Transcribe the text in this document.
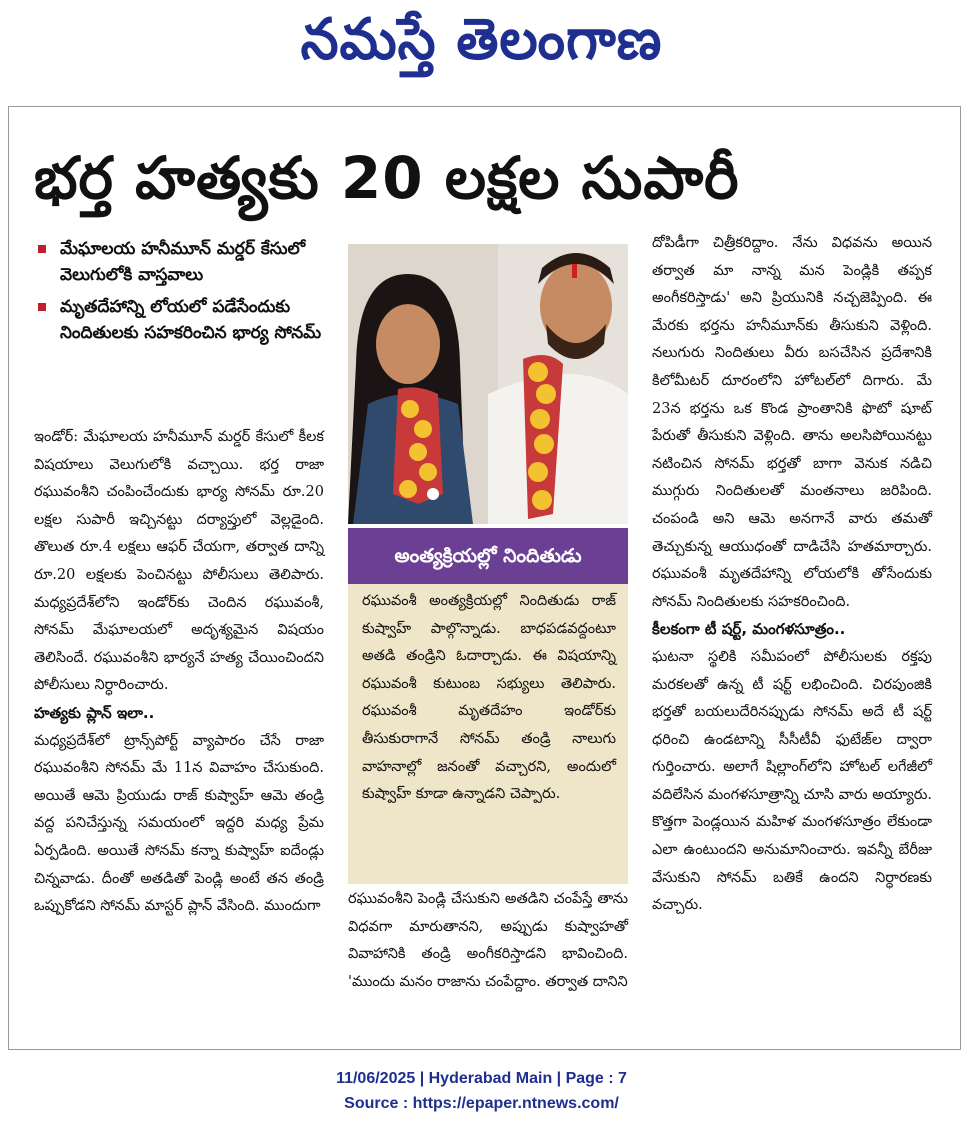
నమస్తే తెలంగాణ
భర్త హత్యకు 20 లక్షల సుపారీ
మేఘాలయ హనీమూన్ మర్డర్ కేసులో వెలుగులోకి వాస్తవాలు
మృతదేహాన్ని లోయలో పడేసేందుకు నిందితులకు సహకరించిన భార్య సోనమ్

ఇండోర్: మేఘాలయ హనీమూన్ మర్డర్ కేసులో కీలక విషయాలు వెలుగులోకి వచ్చాయి. భర్త రాజా రఘువంశీని చంపించేందుకు భార్య సోనమ్ రూ.20 లక్షల సుపారీ ఇచ్చినట్టు దర్యాప్తులో వెల్లడైంది. తొలుత రూ.4 లక్షలు ఆఫర్ చేయగా, తర్వాత దాన్ని రూ.20 లక్షలకు పెంచినట్టు పోలీసులు తెలిపారు. మధ్యప్రదేశ్‌లోని ఇండోర్‌కు చెందిన రఘువంశీ, సోనమ్ మేఘాలయలో అదృశ్యమైన విషయం తెలిసిందే. రఘువంశీని భార్యనే హత్య చేయించిందని పోలీసులు నిర్ధారించారు.

హత్యకు ప్లాన్ ఇలా..

మధ్యప్రదేశ్‌లో ట్రాన్స్‌పోర్ట్ వ్యాపారం చేసే రాజా రఘువంశీని సోనమ్ మే 11న వివాహం చేసుకుంది. అయితే ఆమె ప్రియుడు రాజ్ కుష్వాహ్ ఆమె తండ్రి వద్ద పనిచేస్తున్న సమయంలో ఇద్దరి మధ్య ప్రేమ ఏర్పడింది. అయితే సోనమ్ కన్నా కుష్వాహ్ ఐదేండ్లు చిన్నవాడు. దీంతో అతడితో పెండ్లి అంటే తన తండ్రి ఒప్పుకోడని సోనమ్ మాస్టర్ ప్లాన్ వేసింది. ముందుగా

అంత్యక్రియల్లో నిందితుడు

రఘువంశీ అంత్యక్రియల్లో నిందితుడు రాజ్ కుష్వాహ్ పాల్గొన్నాడు. బాధపడవద్దంటూ అతడి తండ్రిని ఓదార్చాడు. ఈ విషయాన్ని రఘువంశీ కుటుంబ సభ్యులు తెలిపారు. రఘువంశీ మృతదేహం ఇండోర్‌కు తీసుకురాగానే సోనమ్ తండ్రి నాలుగు వాహనాల్లో జనంతో వచ్చారని, అందులో కుష్వాహ్ కూడా ఉన్నాడని చెప్పారు.

రఘువంశీని పెండ్లి చేసుకుని అతడిని చంపేస్తే తాను విధవగా మారుతానని, అప్పుడు కుష్వాహతో వివాహానికి తండ్రి అంగీకరిస్తాడని భావించింది. 'ముందు మనం రాజాను చంపేద్దాం. తర్వాత దానిని

దోపిడీగా చిత్రీకరిద్దాం. నేను విధవను అయిన తర్వాత మా నాన్న మన పెండ్లికి తప్పక అంగీకరిస్తాడు' అని ప్రియునికి నచ్చజెప్పింది. ఈ మేరకు భర్తను హనీమూన్‌కు తీసుకుని వెళ్లింది. నలుగురు నిందితులు వీరు బసచేసిన ప్రదేశానికి కిలోమీటర్ దూరంలోని హోటల్‌లో దిగారు. మే 23న భర్తను ఒక కొండ ప్రాంతానికి ఫొటో షూట్ పేరుతో తీసుకుని వెళ్లింది. తాను అలసిపోయినట్టు నటించిన సోనమ్ భర్తతో బాగా వెనుక నడిచి ముగ్గురు నిందితులతో మంతనాలు జరిపింది. చంపండి అని ఆమె అనగానే వారు తమతో తెచ్చుకున్న ఆయుధంతో దాడిచేసి హతమార్చారు. రఘువంశీ మృతదేహాన్ని లోయలోకి తోసేందుకు సోనమ్ నిందితులకు సహకరించింది.

కీలకంగా టీ షర్ట్, మంగళసూత్రం..

ఘటనా స్థలికి సమీపంలో పోలీసులకు రక్తపు మరకలతో ఉన్న టీ షర్ట్ లభించింది. చిరపుంజికి భర్తతో బయలుదేరినప్పుడు సోనమ్ అదే టీ షర్ట్ ధరించి ఉండటాన్ని సీసీటీవీ ఫుటేజ్‌ల ద్వారా గుర్తించారు. అలాగే షిల్లాంగ్‌లోని హోటల్ లగేజీలో వదిలేసిన మంగళసూత్రాన్ని చూసి వారు అయ్యారు. కొత్తగా పెండ్లయిన మహిళ మంగళసూత్రం లేకుండా ఎలా ఉంటుందని అనుమానించారు. ఇవన్నీ బేరీజు వేసుకుని సోనమ్ బతికే ఉందని నిర్ధారణకు వచ్చారు.

11/06/2025 | Hyderabad Main | Page : 7
Source : https://epaper.ntnews.com/
